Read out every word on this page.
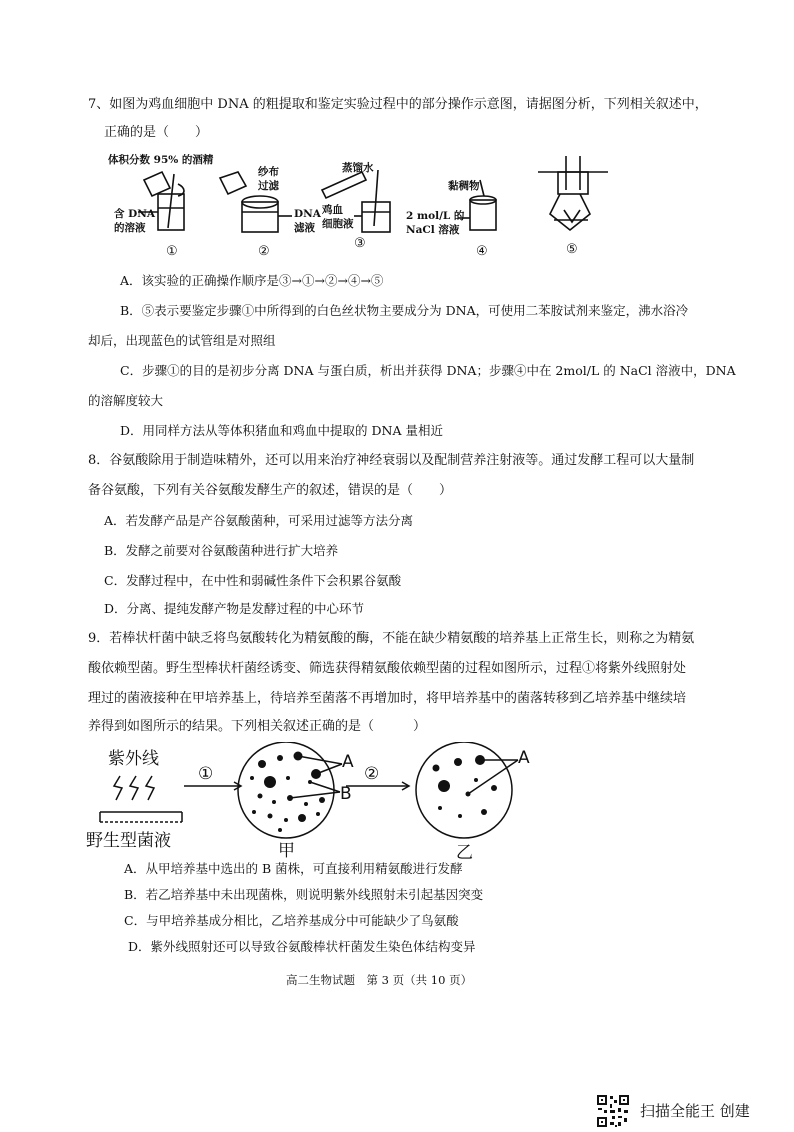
7、如图为鸡血细胞中 DNA 的粗提取和鉴定实验过程中的部分操作示意图，请据图分析，下列相关叙述中，
正确的是（　　）
体积分数 95% 的酒精
含 DNA
的溶液
纱布
过滤
DNA
滤液
蒸馏水
鸡血
细胞液
黏稠物
2 mol/L 的
NaCl 溶液
①	②
③
④	⑤
A．该实验的正确操作顺序是③→①→②→④→⑤
B．⑤表示要鉴定步骤①中所得到的白色丝状物主要成分为 DNA，可使用二苯胺试剂来鉴定，沸水浴冷
却后，出现蓝色的试管组是对照组
C．步骤①的目的是初步分离 DNA 与蛋白质，析出并获得 DNA；步骤④中在 2mol/L 的 NaCl 溶液中，DNA
的溶解度较大
D．用同样方法从等体积猪血和鸡血中提取的 DNA 量相近
8．谷氨酸除用于制造味精外，还可以用来治疗神经衰弱以及配制营养注射液等。通过发酵工程可以大量制
备谷氨酸，下列有关谷氨酸发酵生产的叙述，错误的是（　　）
A．若发酵产品是产谷氨酸菌种，可采用过滤等方法分离
B．发酵之前要对谷氨酸菌种进行扩大培养
C．发酵过程中，在中性和弱碱性条件下会积累谷氨酸
D．分离、提纯发酵产物是发酵过程的中心环节
9．若棒状杆菌中缺乏将鸟氨酸转化为精氨酸的酶，不能在缺少精氨酸的培养基上正常生长，则称之为精氨
酸依赖型菌。野生型棒状杆菌经诱变、筛选获得精氨酸依赖型菌的过程如图所示，过程①将紫外线照射处
理过的菌液接种在甲培养基上，待培养至菌落不再增加时，将甲培养基中的菌落转移到乙培养基中继续培
养得到如图所示的结果。下列相关叙述正确的是（　　　）
紫外线
野生型菌液
①	②
甲	乙
A
B
A
A．从甲培养基中选出的 B 菌株，可直接利用精氨酸进行发酵
B．若乙培养基中未出现菌株，则说明紫外线照射未引起基因突变
C．与甲培养基成分相比，乙培养基成分中可能缺少了鸟氨酸
D．紫外线照射还可以导致谷氨酸棒状杆菌发生染色体结构变异
高二生物试题　第 3 页（共 10 页）
扫描全能王 创建
